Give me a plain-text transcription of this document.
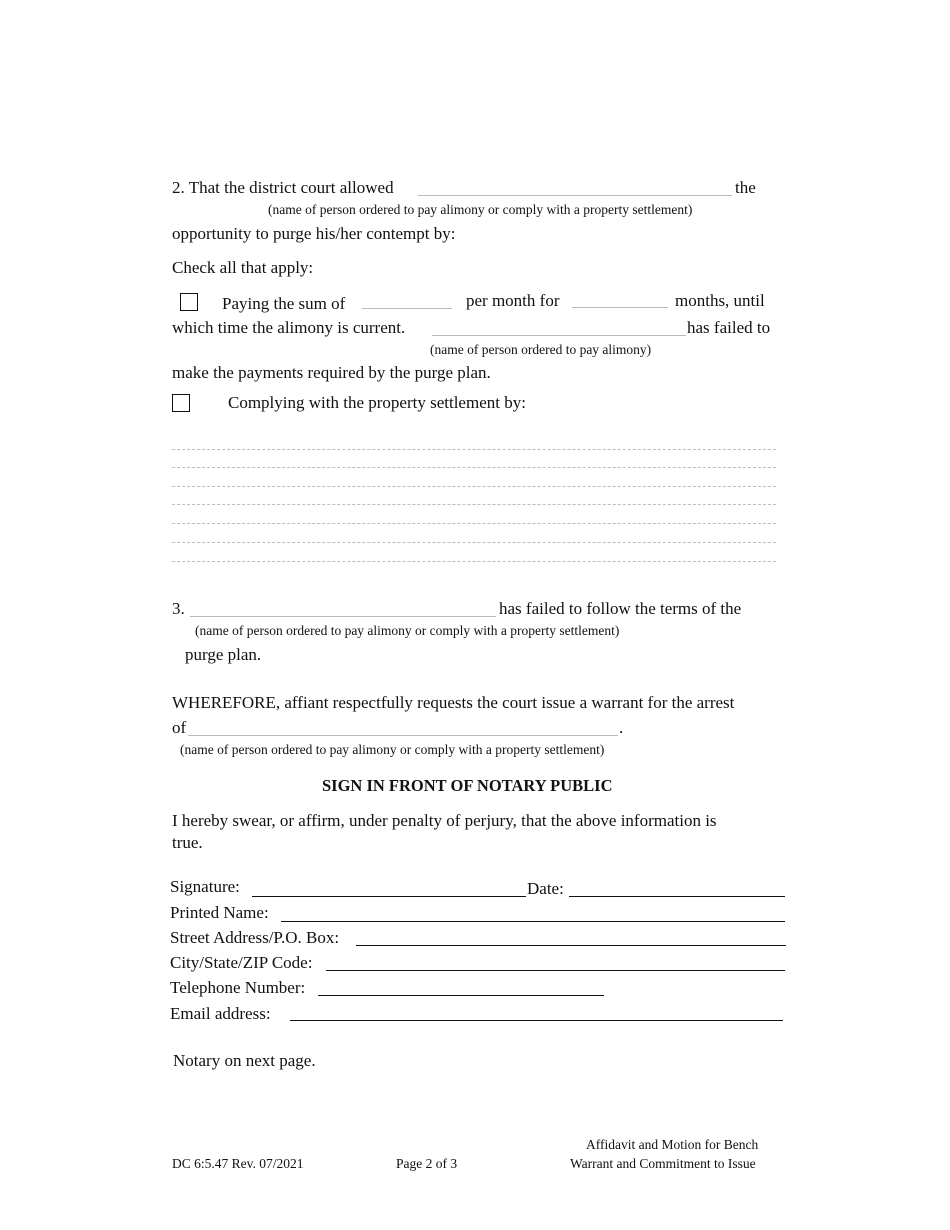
2. That the district court allowed	the
(name of person ordered to pay alimony or comply with a property settlement)
opportunity to purge his/her contempt by:
Check all that apply:
Paying the sum of	per month for	months, until
which time the alimony is current.	has failed to
(name of person ordered to pay alimony)
make the payments required by the purge plan.
Complying with the property settlement by:
3.	has failed to follow the terms of the
(name of person ordered to pay alimony or comply with a property settlement)
purge plan.
WHEREFORE, affiant respectfully requests the court issue a warrant for the arrest
of	.
(name of person ordered to pay alimony or comply with a property settlement)
SIGN IN FRONT OF NOTARY PUBLIC
I hereby swear, or affirm, under penalty of perjury, that the above information is
true.
Signature:	Date:
Printed Name:
Street Address/P.O. Box:
City/State/ZIP Code:
Telephone Number:
Email address:
Notary on next page.
DC 6:5.47 Rev. 07/2021	Page 2 of 3
Affidavit and Motion for Bench
Warrant and Commitment to Issue
